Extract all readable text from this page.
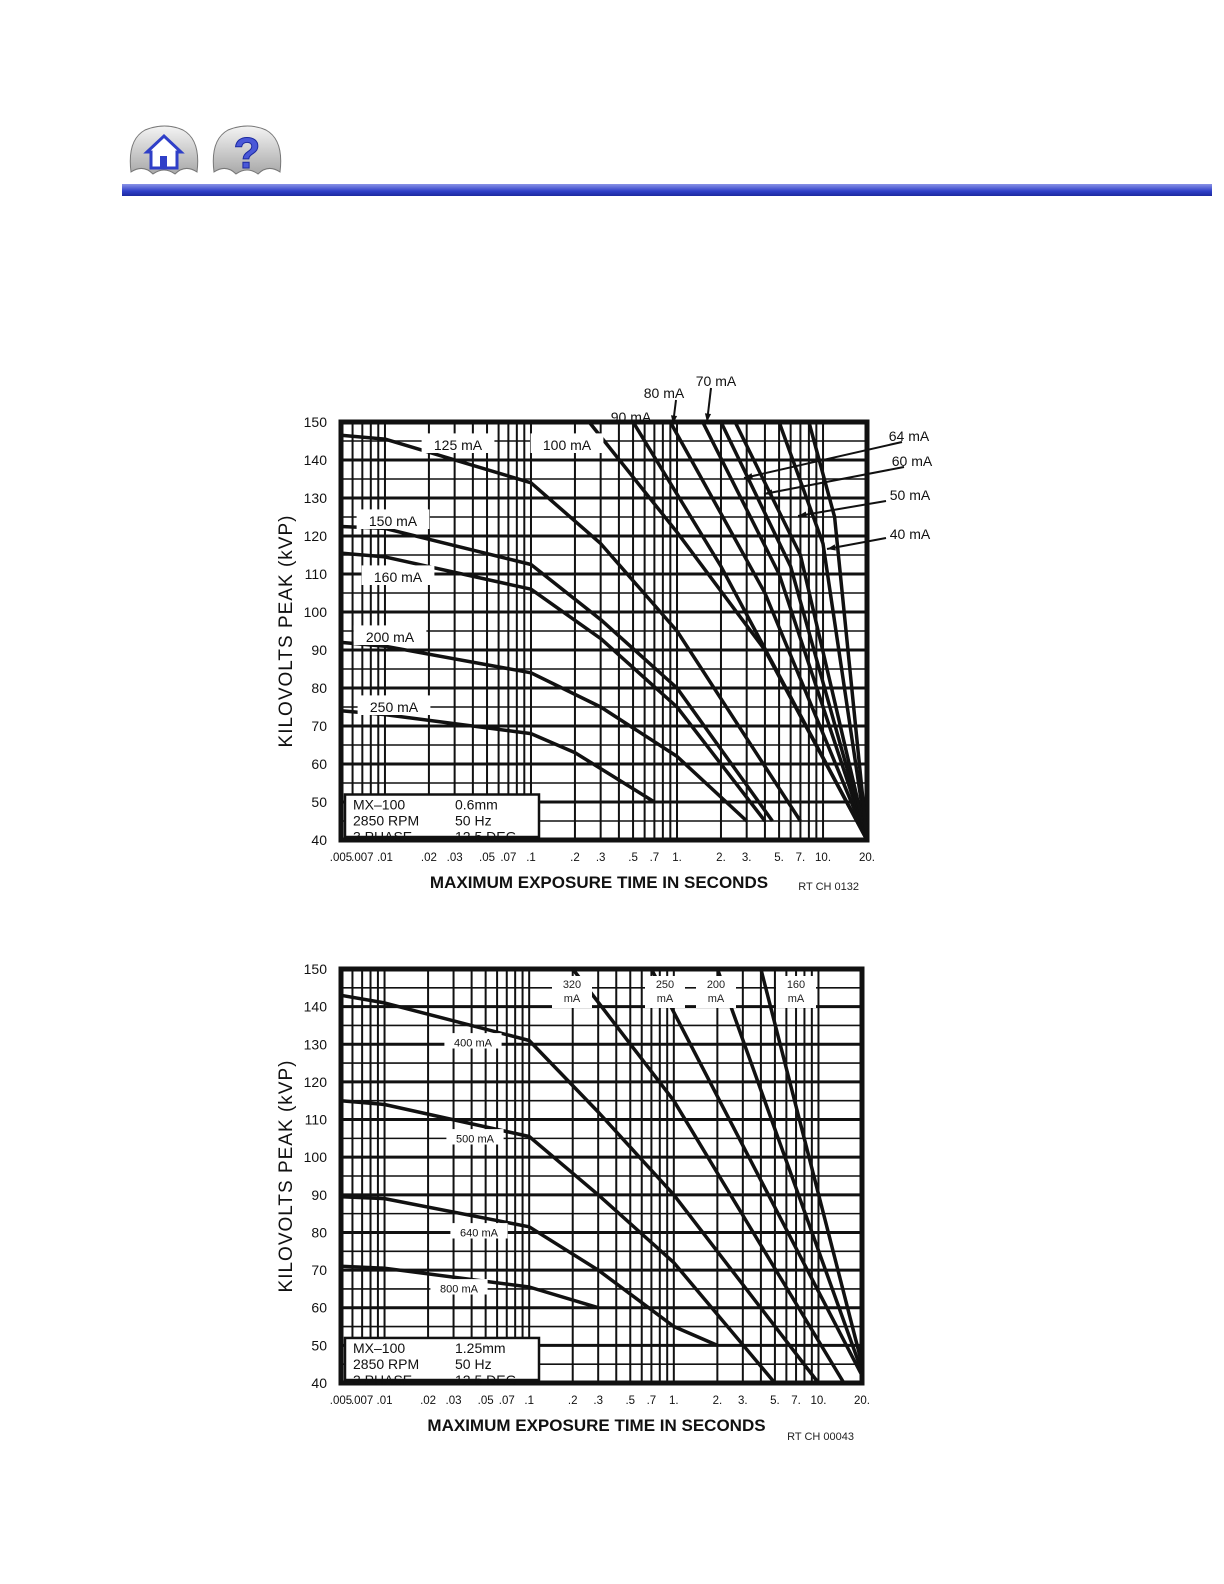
?
250 mA
200 mA
160 mA
150 mA
125 mA	100 mA
90 mA
80 mA
70 mA
64 mA
60 mA
50 mA
40 mA
MX–100	0.6mm
2850 RPM	50 Hz
3 PHASE	12.5 DEG
150
140
130
120
110
100
90
80
70
60
50
40
.005
.007 .01 .02 .03 .05 .07 .1	.2 .3 .5 .7 1.	2. 3. 5. 7. 10. 20.
MAXIMUM EXPOSURE TIME IN SECONDS
KILOVOLTS PEAK (kVP)
RT CH 0132
800 mA
640 mA
500 mA
400 mA
320
mA
250
mA
200
mA
160
mA
MX–100	1.25mm
2850 RPM	50 Hz
3 PHASE	12.5 DEG
150
140
130
120
110
100
90
80
70
60
50
40
.005
.007 .01 .02 .03 .05 .07 .1	.2 .3 .5 .7 1.	2. 3. 5. 7. 10. 20.
MAXIMUM EXPOSURE TIME IN SECONDS
KILOVOLTS PEAK (kVP)
RT CH 00043
